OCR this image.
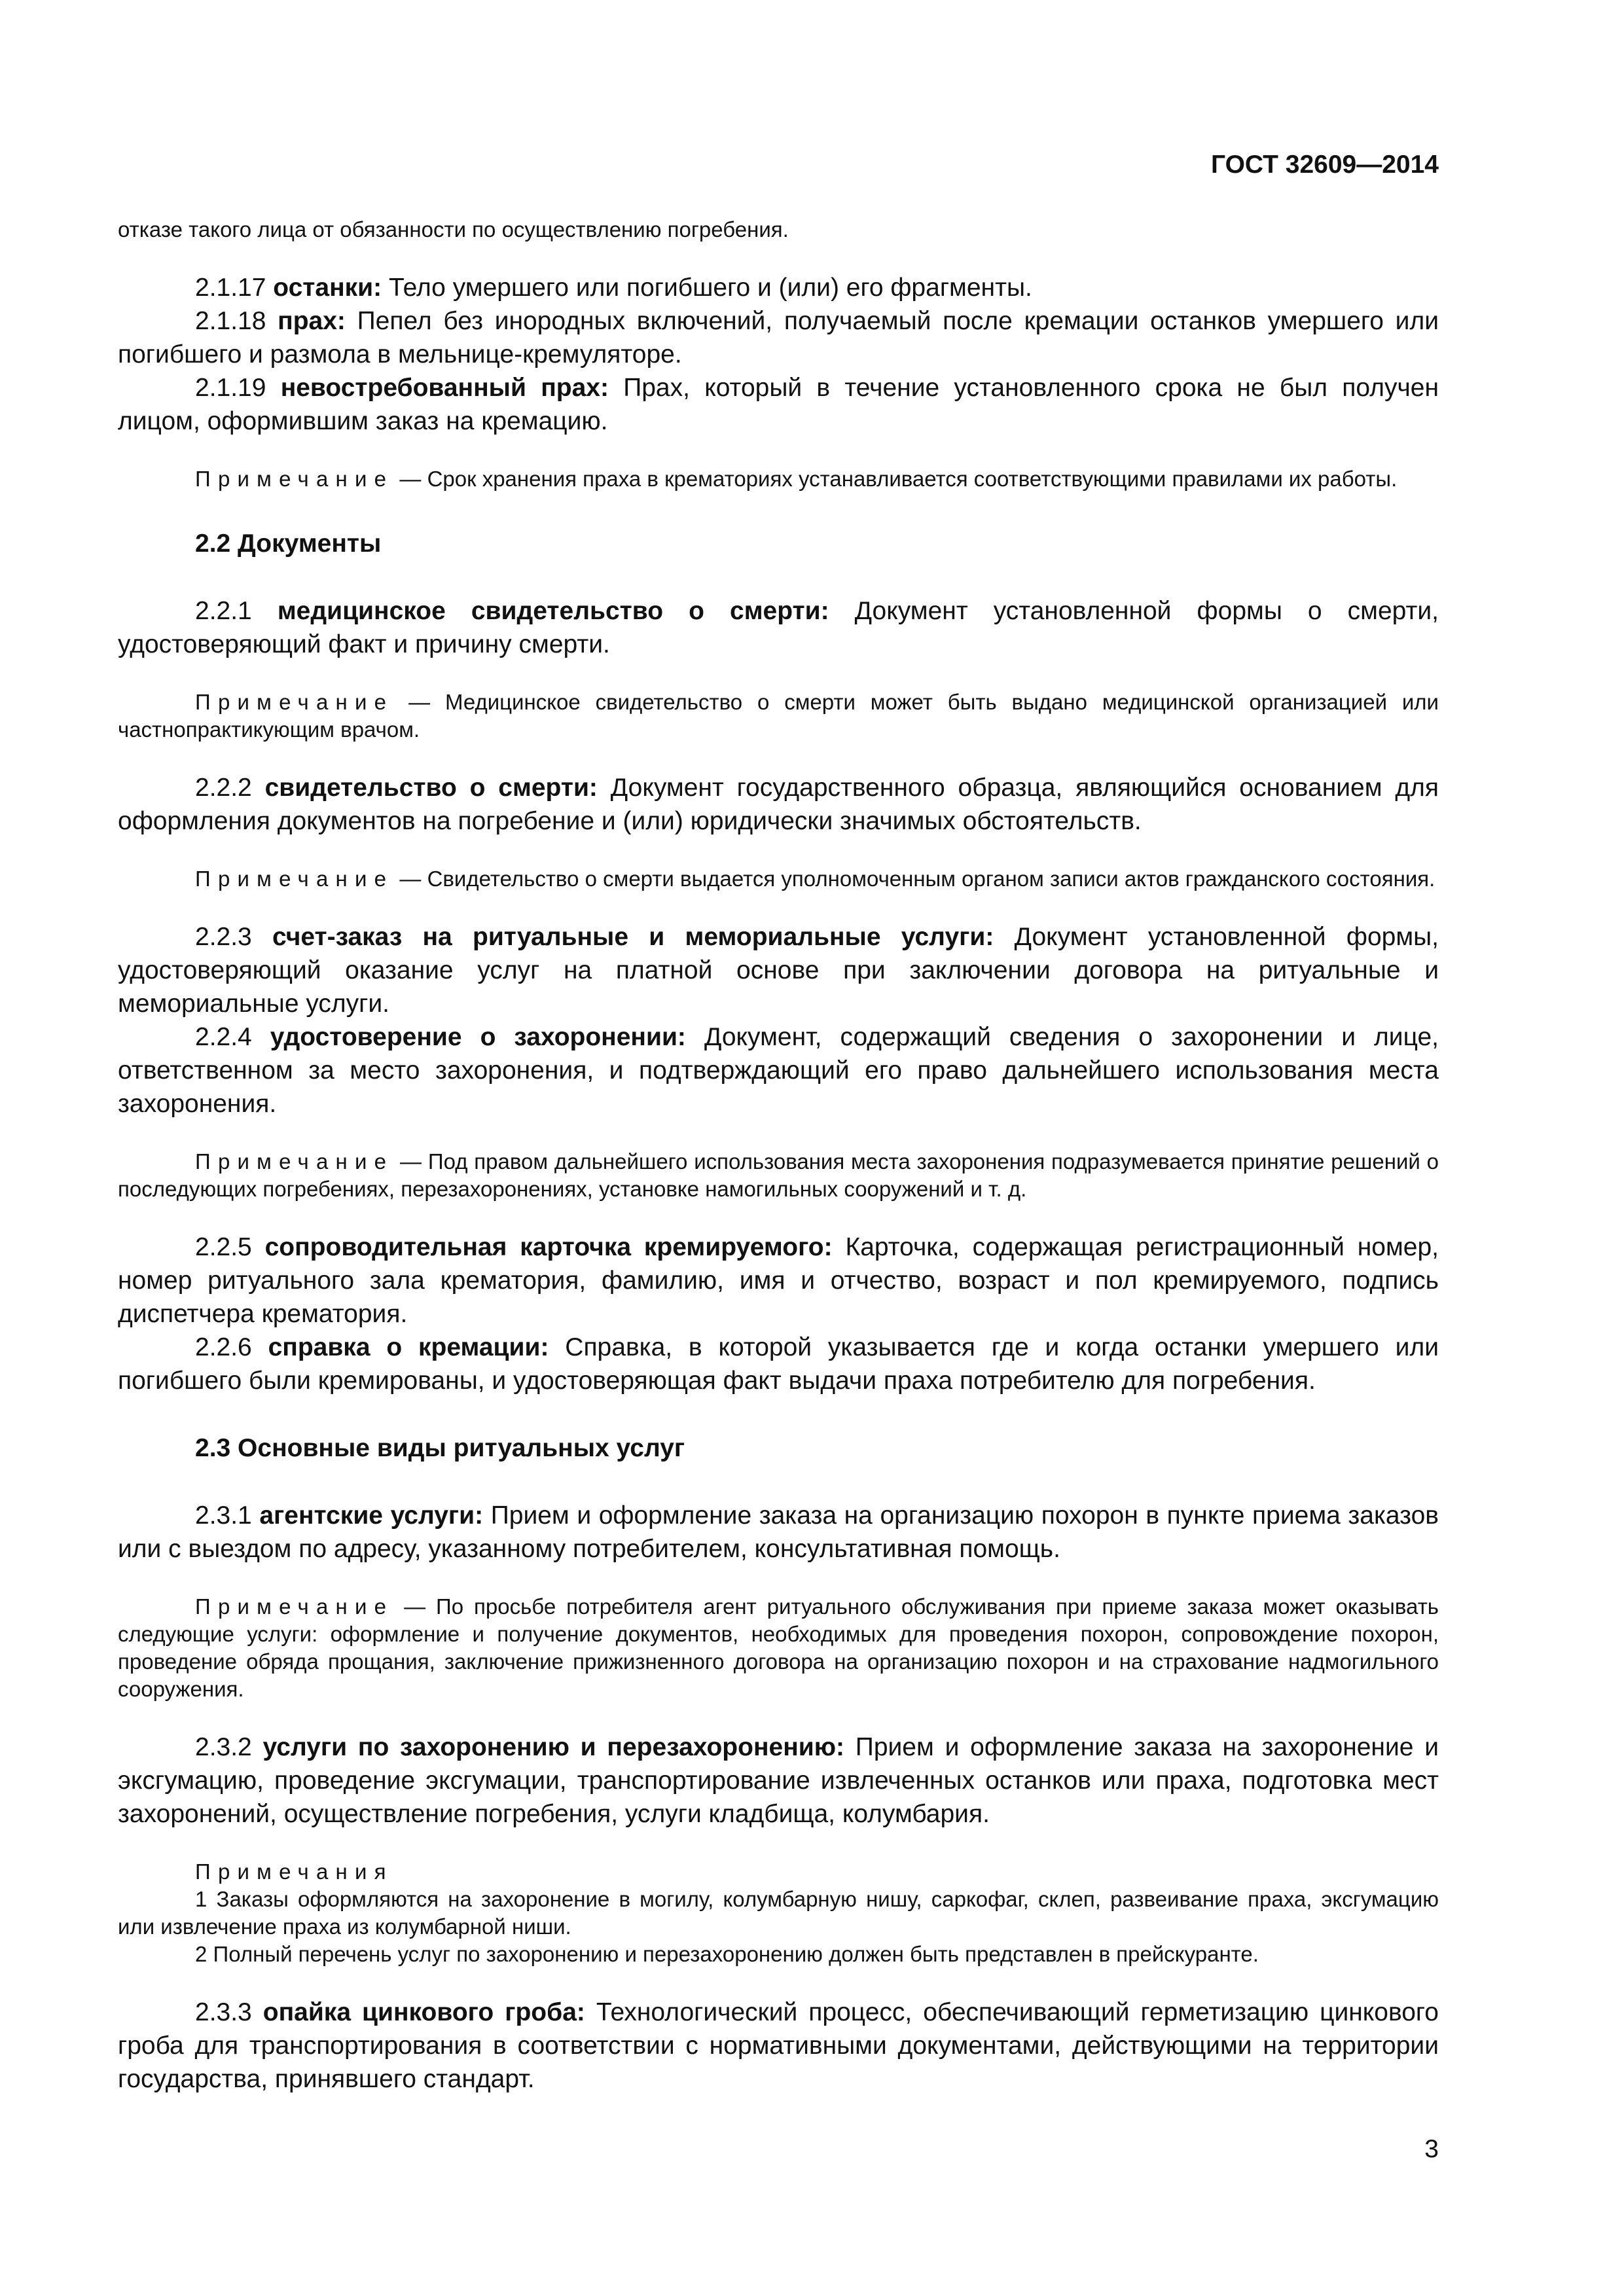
ГОСТ 32609—2014

отказе такого лица от обязанности по осуществлению погребения.

2.1.17 останки: Тело умершего или погибшего и (или) его фрагменты.

2.1.18 прах: Пепел без инородных включений, получаемый после кремации останков умершего или погибшего и размола в мельнице-кремуляторе.

2.1.19 невостребованный прах: Прах, который в течение установленного срока не был получен лицом, оформившим заказ на кремацию.

Примечание — Срок хранения праха в крематориях устанавливается соответствующими правилами их работы.

2.2 Документы

2.2.1 медицинское свидетельство о смерти: Документ установленной формы о смерти, удостоверяющий факт и причину смерти.

Примечание — Медицинское свидетельство о смерти может быть выдано медицинской организацией или частнопрактикующим врачом.

2.2.2 свидетельство о смерти: Документ государственного образца, являющийся основанием для оформления документов на погребение и (или) юридически значимых обстоятельств.

Примечание — Свидетельство о смерти выдается уполномоченным органом записи актов гражданского состояния.

2.2.3 счет-заказ на ритуальные и мемориальные услуги: Документ установленной формы, удостоверяющий оказание услуг на платной основе при заключении договора на ритуальные и мемориальные услуги.

2.2.4 удостоверение о захоронении: Документ, содержащий сведения о захоронении и лице, ответственном за место захоронения, и подтверждающий его право дальнейшего использования места захоронения.

Примечание — Под правом дальнейшего использования места захоронения подразумевается принятие решений о последующих погребениях, перезахоронениях, установке намогильных сооружений и т. д.

2.2.5 сопроводительная карточка кремируемого: Карточка, содержащая регистрационный номер, номер ритуального зала крематория, фамилию, имя и отчество, возраст и пол кремируемого, подпись диспетчера крематория.

2.2.6 справка о кремации: Справка, в которой указывается где и когда останки умершего или погибшего были кремированы, и удостоверяющая факт выдачи праха потребителю для погребения.

2.3 Основные виды ритуальных услуг

2.3.1 агентские услуги: Прием и оформление заказа на организацию похорон в пункте приема заказов или с выездом по адресу, указанному потребителем, консультативная помощь.

Примечание — По просьбе потребителя агент ритуального обслуживания при приеме заказа может оказывать следующие услуги: оформление и получение документов, необходимых для проведения похорон, сопровождение похорон, проведение обряда прощания, заключение прижизненного договора на организацию похорон и на страхование надмогильного сооружения.

2.3.2 услуги по захоронению и перезахоронению: Прием и оформление заказа на захоронение и эксгумацию, проведение эксгумации, транспортирование извлеченных останков или праха, подготовка мест захоронений, осуществление погребения, услуги кладбища, колумбария.

Примечания

1 Заказы оформляются на захоронение в могилу, колумбарную нишу, саркофаг, склеп, развеивание праха, эксгумацию или извлечение праха из колумбарной ниши.

2 Полный перечень услуг по захоронению и перезахоронению должен быть представлен в прейскуранте.

2.3.3 опайка цинкового гроба: Технологический процесс, обеспечивающий герметизацию цинкового гроба для транспортирования в соответствии с нормативными документами, действующими на территории государства, принявшего стандарт.

3
